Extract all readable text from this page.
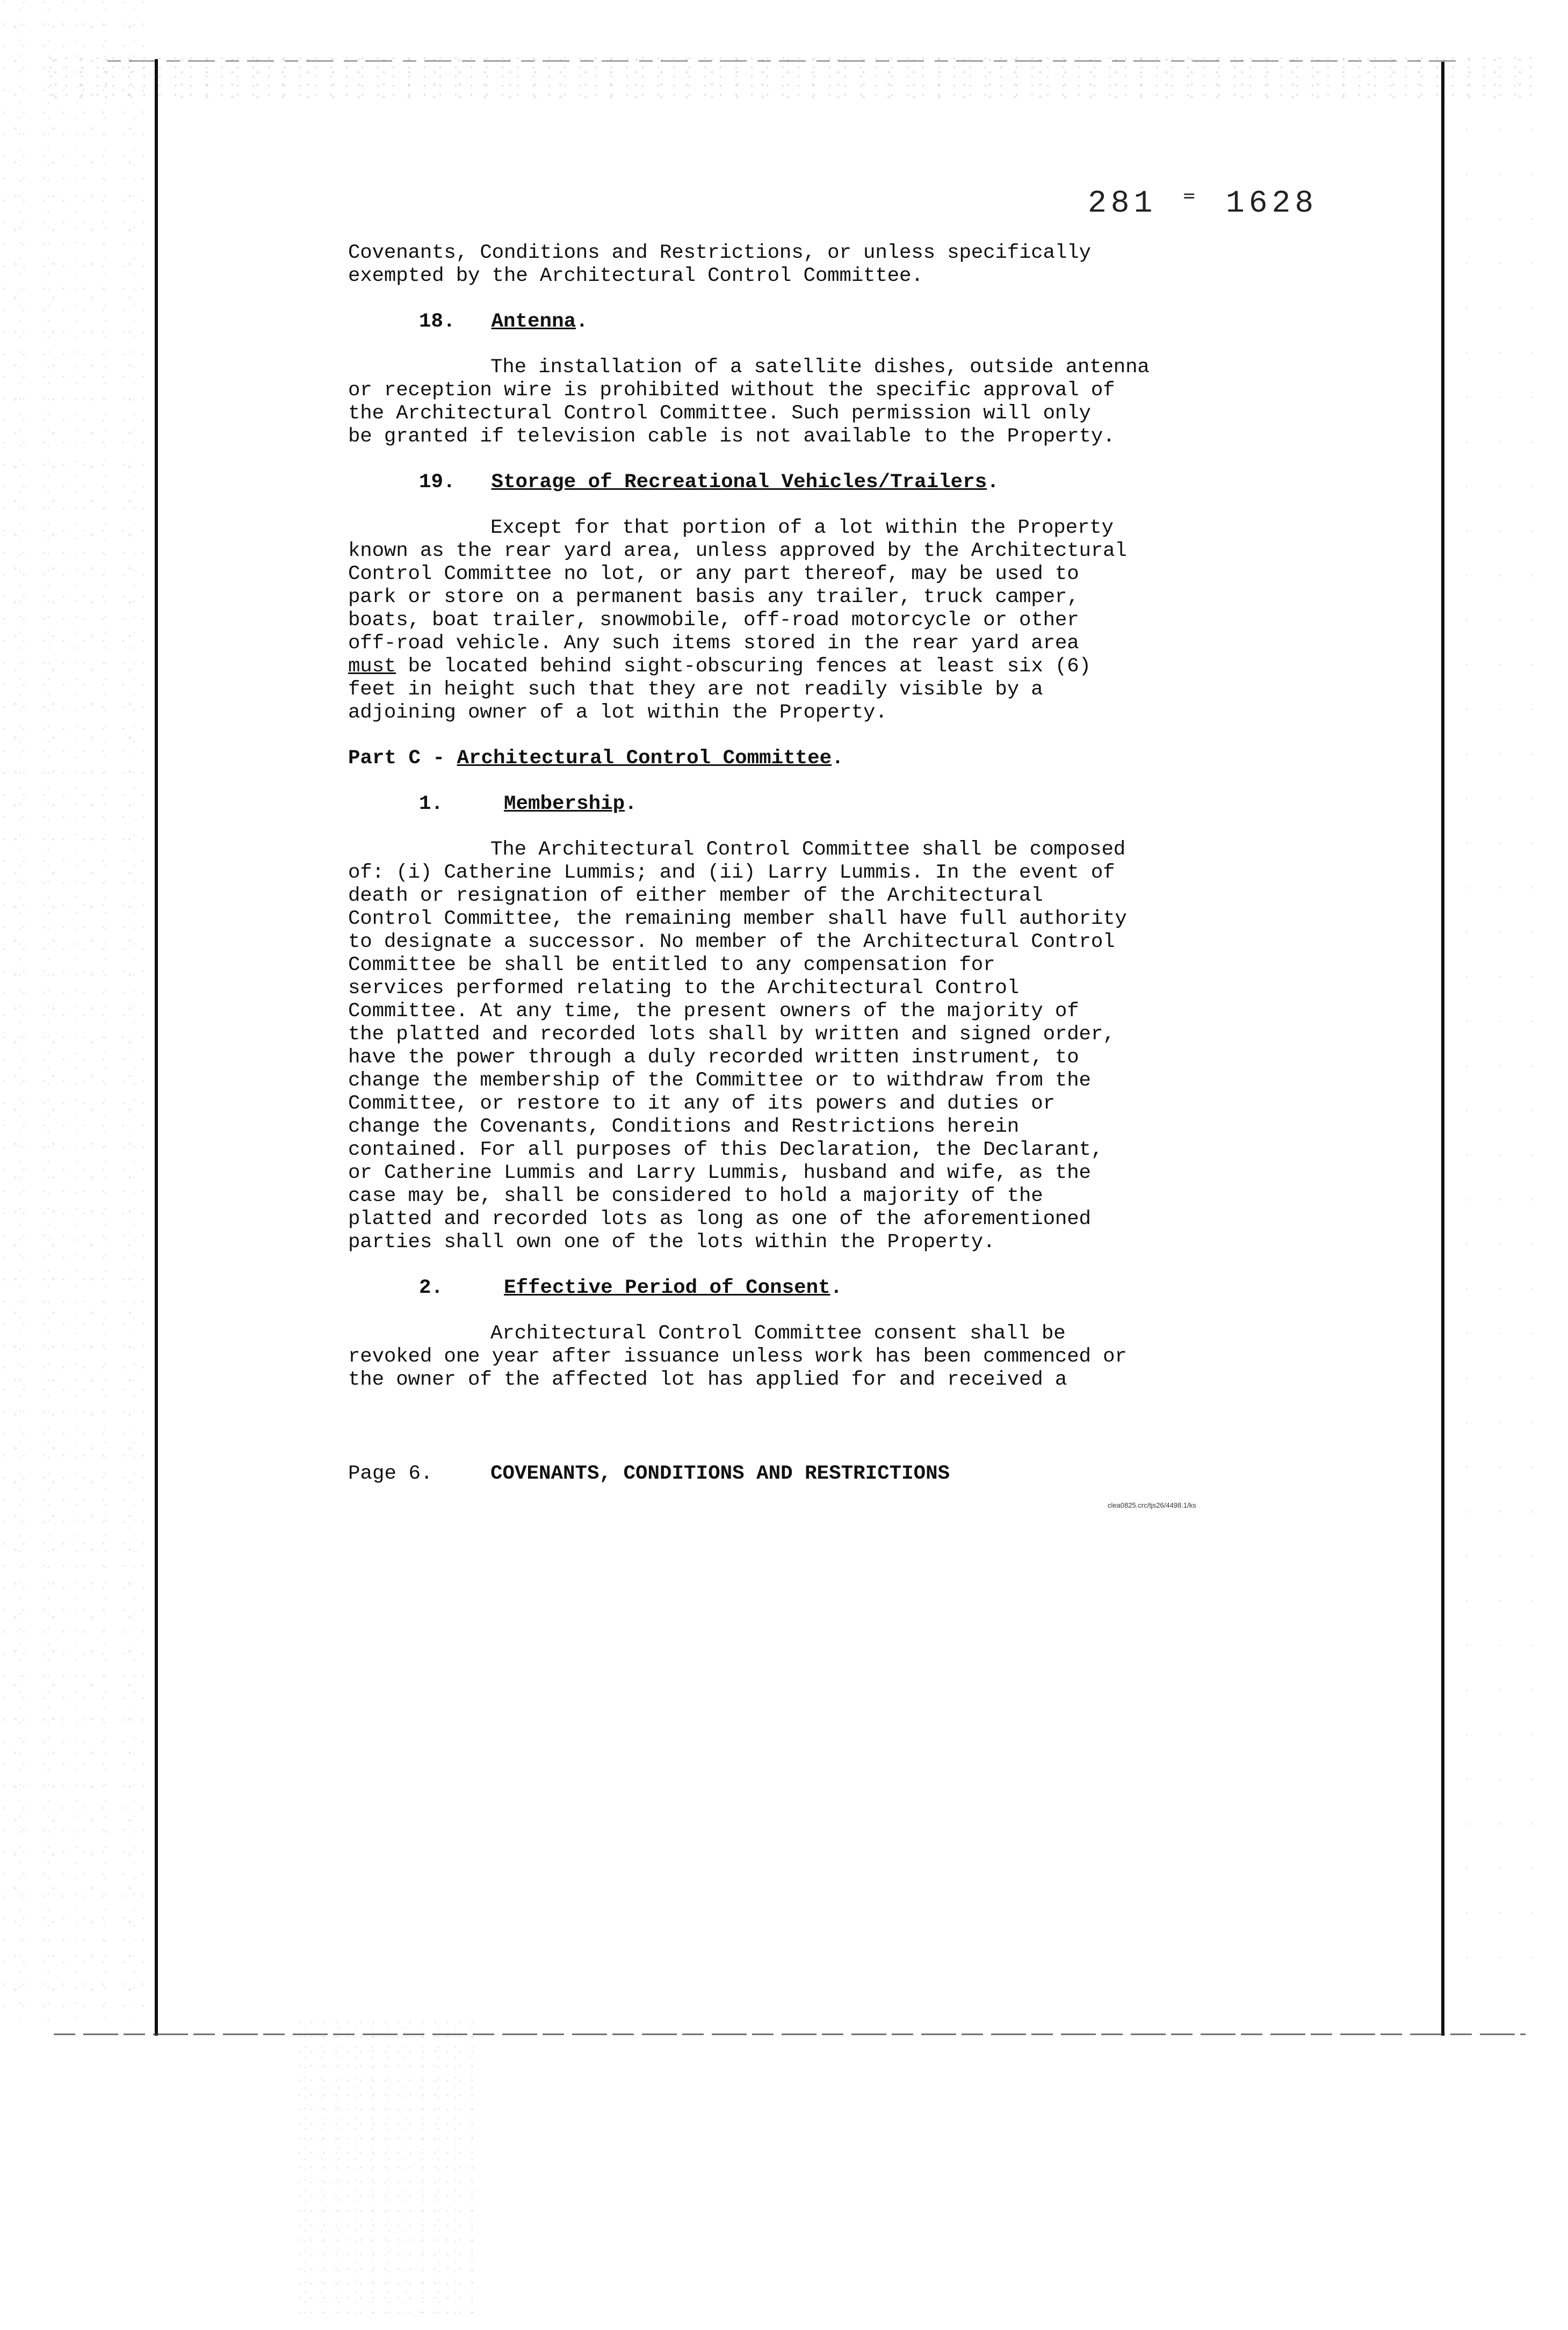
281 ⁼ 1628

Covenants, Conditions and Restrictions, or unless specifically
exempted by the Architectural Control Committee.

18. Antenna.

The installation of a satellite dishes, outside antenna

or reception wire is prohibited without the specific approval of
the Architectural Control Committee. Such permission will only
be granted if television cable is not available to the Property.

19. Storage of Recreational Vehicles/Trailers.

Except for that portion of a lot within the Property

known as the rear yard area, unless approved by the Architectural
Control Committee no lot, or any part thereof, may be used to
park or store on a permanent basis any trailer, truck camper,
boats, boat trailer, snowmobile, off-road motorcycle or other
off-road vehicle. Any such items stored in the rear yard area
must be located behind sight-obscuring fences at least six (6)
feet in height such that they are not readily visible by a
adjoining owner of a lot within the Property.

Part C - Architectural Control Committee.

1.	Membership.

The Architectural Control Committee shall be composed

of: (i) Catherine Lummis; and (ii) Larry Lummis. In the event of
death or resignation of either member of the Architectural
Control Committee, the remaining member shall have full authority
to designate a successor. No member of the Architectural Control
Committee be shall be entitled to any compensation for
services performed relating to the Architectural Control
Committee. At any time, the present owners of the majority of
the platted and recorded lots shall by written and signed order,
have the power through a duly recorded written instrument, to
change the membership of the Committee or to withdraw from the
Committee, or restore to it any of its powers and duties or
change the Covenants, Conditions and Restrictions herein
contained. For all purposes of this Declaration, the Declarant,
or Catherine Lummis and Larry Lummis, husband and wife, as the
case may be, shall be considered to hold a majority of the
platted and recorded lots as long as one of the aforementioned
parties shall own one of the lots within the Property.

2.	Effective Period of Consent.

Architectural Control Committee consent shall be

revoked one year after issuance unless work has been commenced or
the owner of the affected lot has applied for and received a

Page 6.	COVENANTS, CONDITIONS AND RESTRICTIONS
clea0825.crc/tjs26/4498.1/ks
